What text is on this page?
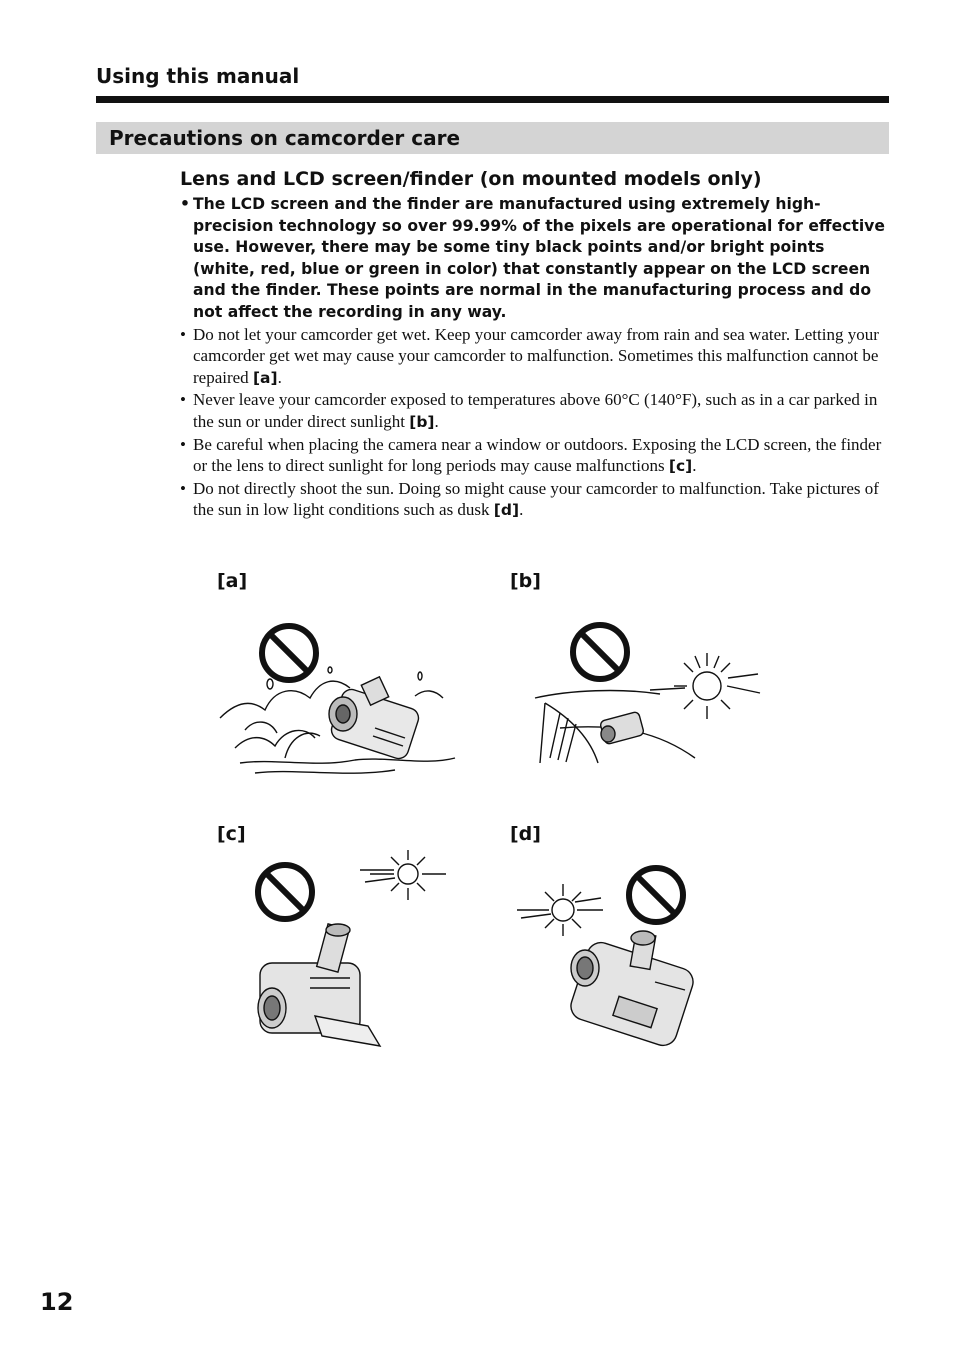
Using this manual
Precautions on camcorder care
Lens and LCD screen/finder (on mounted models only)
• The LCD screen and the finder are manufactured using extremely high-precision technology so over 99.99% of the pixels are operational for effective use. However, there may be some tiny black points and/or bright points (white, red, blue or green in color) that constantly appear on the LCD screen and the finder. These points are normal in the manufacturing process and do not affect the recording in any way.
• Do not let your camcorder get wet. Keep your camcorder away from rain and sea water. Letting your camcorder get wet may cause your camcorder to malfunction. Sometimes this malfunction cannot be repaired [a].
• Never leave your camcorder exposed to temperatures above 60°C (140°F), such as in a car parked in the sun or under direct sunlight [b].
• Be careful when placing the camera near a window or outdoors. Exposing the LCD screen, the finder or the lens to direct sunlight for long periods may cause malfunctions [c].
• Do not directly shoot the sun. Doing so might cause your camcorder to malfunction. Take pictures of the sun in low light conditions such as dusk [d].
[a]	[b]
[c]	[d]
12
